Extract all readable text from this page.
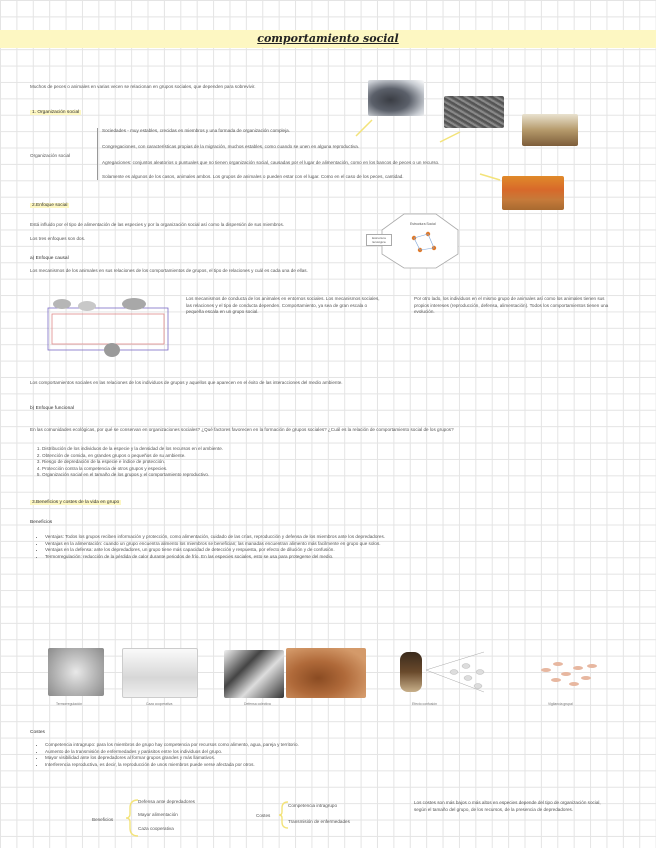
comportamiento social
Muchos de peces o animales en varias vecen se relacionan en grupos sociales, que dependen para sobrevivir.
1. Organización social
Organización social
Sociedades - muy estables, crecidas en miembros y una formada de organización compleja.
Congregaciones, con características propias de la migración, muchos estables, como cuando se unen en alguna reproductiva.
Agregaciones: conjuntos aleatorios o puntuales que no tienen organización social, causadas por el lugar de alimentación, como en los bancos de peces o un recurso.
Solamente es algunos de los casos, animales ambos. Los grupos de animales o pueden estar con el lugar. Como en el caso de los peces, cantidad.
2.Enfoque social
Está influido por el tipo de alimentación de las especies y por la organización social así como la dispersión de sus miembros.
Los tres enfoques son dos.
Estructura Social
Estructura Ecológica
a) Enfoque causal
Los mecanismos de los animales en sus relaciones de los comportamientos de grupos, el tipo de relaciones y cuál es cada una de ellas.
Los mecanismos de conducta de los animales en entornos sociales. Los mecanismos sociales, las relaciones y el tipo de conducta dependen. Comportamiento, ya sea de gran escala o pequeña escala en un grupo social.
Por otro lado, los individuos en el mismo grupo de animales así como los animales tienen sus propios intereses (reproducción, defensa, alimentación). Todos los comportamientos tienen una evolución.
Los comportamientos sociales en las relaciones de los individuos de grupos y aquellos que aparecen en el éxito de las interacciones del medio ambiente.
b) Enfoque funcional
En las comunidades ecológicas, por qué se conservan en organizaciones sociales? ¿Qué factores favorecen en la formación de grupos sociales? ¿Cuál es la relación de comportamiento social de los grupos?
1. Distribución de los individuos de la especie y la densidad de los recursos en el ambiente.
2. Obtención de comida, en grandes grupos o pequeños de su ambiente.
3. Riesgo de depredación de la especie e índice de protección.
4. Protección contra la competencia de otros grupos y especies.
5. Organización social en el tamaño de los grupos y el comportamiento reproductivo.
3.Beneficios y costes de la vida en grupo
Beneficios
• Ventajas: Todos los grupos reciben información y protección, como alimentación, cuidado de las crías, reproducción y defensa de los miembros ante los depredadores.
• Ventajas en la alimentación: cuando un grupo encuentra alimento los miembros se benefician; las manadas encuentran alimento más facilmente en grupo que solos.
• Ventajas en la defensa: ante los depredadores, un grupo tiene más capacidad de detección y respuesta, por efecto de dilución y de confusión.
• Termorregulación: reducción de la pérdida de calor durante periodos de frío. En las especies sociales, esto se usa para protegerse del medio.
Termorregulación	Caza cooperativa	Defensa colectiva	Efecto confusión	Vigilancia grupal
Costes
• Competencia intragrupo: para los miembros de grupo hay competencia por recursos como alimento, agua, pareja y territorio.
• Aumento de la transmisión de enfermedades y parásitos entre los individuos del grupo.
• Mayor visibilidad ante los depredadores al formar grupos grandes y más llamativos.
• Interferencia reproductiva, es decir, la reproducción de unos miembros puede verse afectada por otros.
Beneficios
Defensa ante depredadores
Mayor alimentación
Caza cooperativa
Costes
Competencia intragrupo
Transmisión de enfermedades
Los costes son más bajos o más altos en especies depende del tipo de organización social, según el tamaño del grupo, de los recursos, de la presencia de depredadores.
